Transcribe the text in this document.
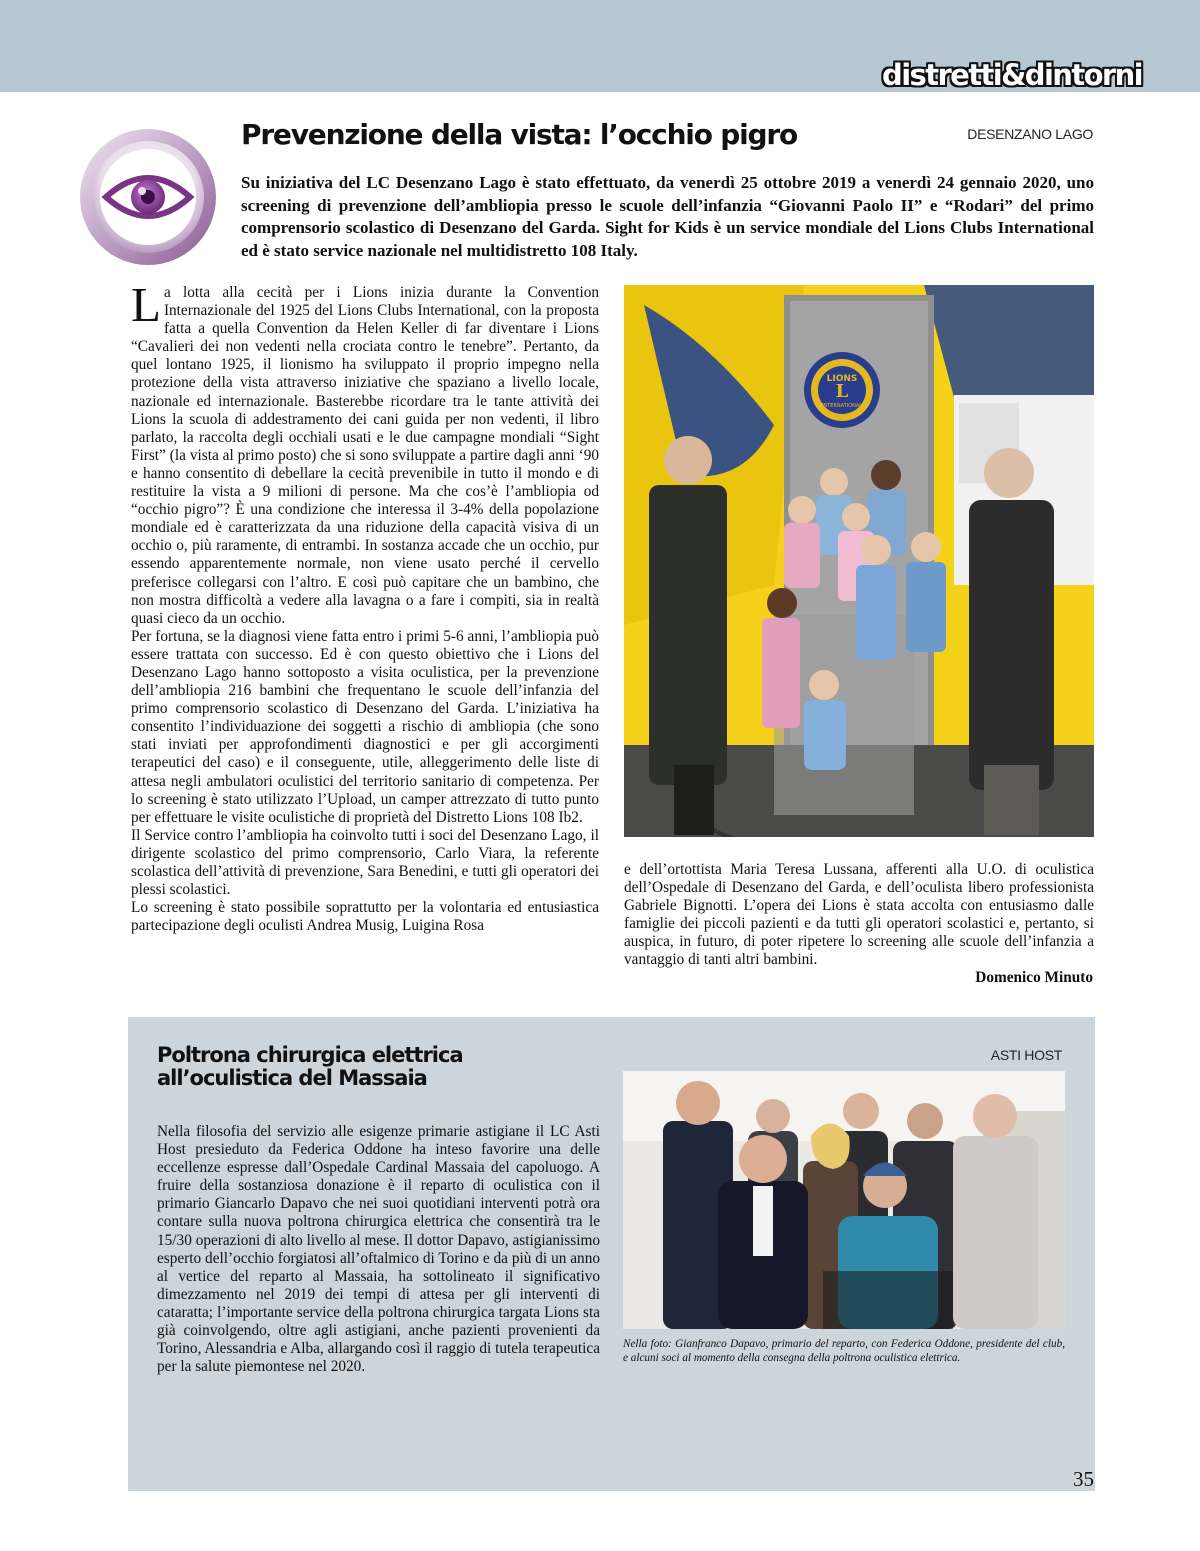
distretti&dintorni
Prevenzione della vista: l’occhio pigro	DESENZANO LAGO
Su iniziativa del LC Desenzano Lago è stato effettuato, da venerdì 25 ottobre 2019 a venerdì 24 gennaio 2020, uno screening di prevenzione dell’ambliopia presso le scuole dell’infanzia “Giovanni Paolo II” e “Rodari” del primo comprensorio scolastico di Desenzano del Garda. Sight for Kids è un service mondiale del Lions Clubs International ed è stato service nazionale nel multidistretto 108 Italy.

La lotta alla cecità per i Lions inizia durante la Convention Internazionale del 1925 del Lions Clubs International, con la proposta fatta a quella Convention da Helen Keller di far diventare i Lions “Cavalieri dei non vedenti nella crociata contro le tenebre”. Pertanto, da quel lontano 1925, il lionismo ha sviluppato il proprio impegno nella protezione della vista attraverso iniziative che spaziano a livello locale, nazionale ed internazionale. Basterebbe ricordare tra le tante attività dei Lions la scuola di addestramento dei cani guida per non vedenti, il libro parlato, la raccolta degli occhiali usati e le due campagne mondiali “Sight First” (la vista al primo posto) che si sono sviluppate a partire dagli anni ‘90 e hanno consentito di debellare la cecità prevenibile in tutto il mondo e di restituire la vista a 9 milioni di persone. Ma che cos’è l’ambliopia od “occhio pigro”? È una condizione che interessa il 3-4% della popolazione mondiale ed è caratterizzata da una riduzione della capacità visiva di un occhio o, più raramente, di entrambi. In sostanza accade che un occhio, pur essendo apparentemente normale, non viene usato perché il cervello preferisce collegarsi con l’altro. E così può capitare che un bambino, che non mostra difficoltà a vedere alla lavagna o a fare i compiti, sia in realtà quasi cieco da un occhio.

Per fortuna, se la diagnosi viene fatta entro i primi 5-6 anni, l’ambliopia può essere trattata con successo. Ed è con questo obiettivo che i Lions del Desenzano Lago hanno sottoposto a visita oculistica, per la prevenzione dell’ambliopia 216 bambini che frequentano le scuole dell’infanzia del primo comprensorio scolastico di Desenzano del Garda. L’iniziativa ha consentito l’individuazione dei soggetti a rischio di ambliopia (che sono stati inviati per approfondimenti diagnostici e per gli accorgimenti terapeutici del caso) e il conseguente, utile, alleggerimento delle liste di attesa negli ambulatori oculistici del territorio sanitario di competenza. Per lo screening è stato utilizzato l’Upload, un camper attrezzato di tutto punto per effettuare le visite oculistiche di proprietà del Distretto Lions 108 Ib2.

Il Service contro l’ambliopia ha coinvolto tutti i soci del Desenzano Lago, il dirigente scolastico del primo comprensorio, Carlo Viara, la referente scolastica dell’attività di prevenzione, Sara Benedini, e tutti gli operatori dei plessi scolastici.

Lo screening è stato possibile soprattutto per la volontaria ed entusiastica partecipazione degli oculisti Andrea Musig, Luigina Rosa

LIONS
INTERNATIONAL
L
e dell’ortottista Maria Teresa Lussana, afferenti alla U.O. di oculistica dell’Ospedale di Desenzano del Garda, e dell’oculista libero professionista Gabriele Bignotti. L’opera dei Lions è stata accolta con entusiasmo dalle famiglie dei piccoli pazienti e da tutti gli operatori scolastici e, pertanto, si auspica, in futuro, di poter ripetere lo screening alle scuole dell’infanzia a vantaggio di tanti altri bambini.
Domenico Minuto
Poltrona chirurgica elettrica
all’oculistica del Massaia
ASTI HOST
Nella filosofia del servizio alle esigenze primarie astigiane il LC Asti Host presieduto da Federica Oddone ha inteso favorire una delle eccellenze espresse dall’Ospedale Cardinal Massaia del capoluogo. A fruire della sostanziosa donazione è il reparto di oculistica con il primario Giancarlo Dapavo che nei suoi quotidiani interventi potrà ora contare sulla nuova poltrona chirurgica elettrica che consentirà tra le 15/30 operazioni di alto livello al mese. Il dottor Dapavo, astigianissimo esperto dell’occhio forgiatosi all’oftalmico di Torino e da più di un anno al vertice del reparto al Massaia, ha sottolineato il significativo dimezzamento nel 2019 dei tempi di attesa per gli interventi di cataratta; l’importante service della poltrona chirurgica targata Lions sta già coinvolgendo, oltre agli astigiani, anche pazienti provenienti da Torino, Alessandria e Alba, allargando così il raggio di tutela terapeutica per la salute piemontese nel 2020.
Nella foto: Gianfranco Dapavo, primario del reparto, con Federica Oddone, presidente del club, e alcuni soci al momento della consegna della poltrona oculistica elettrica.
35
